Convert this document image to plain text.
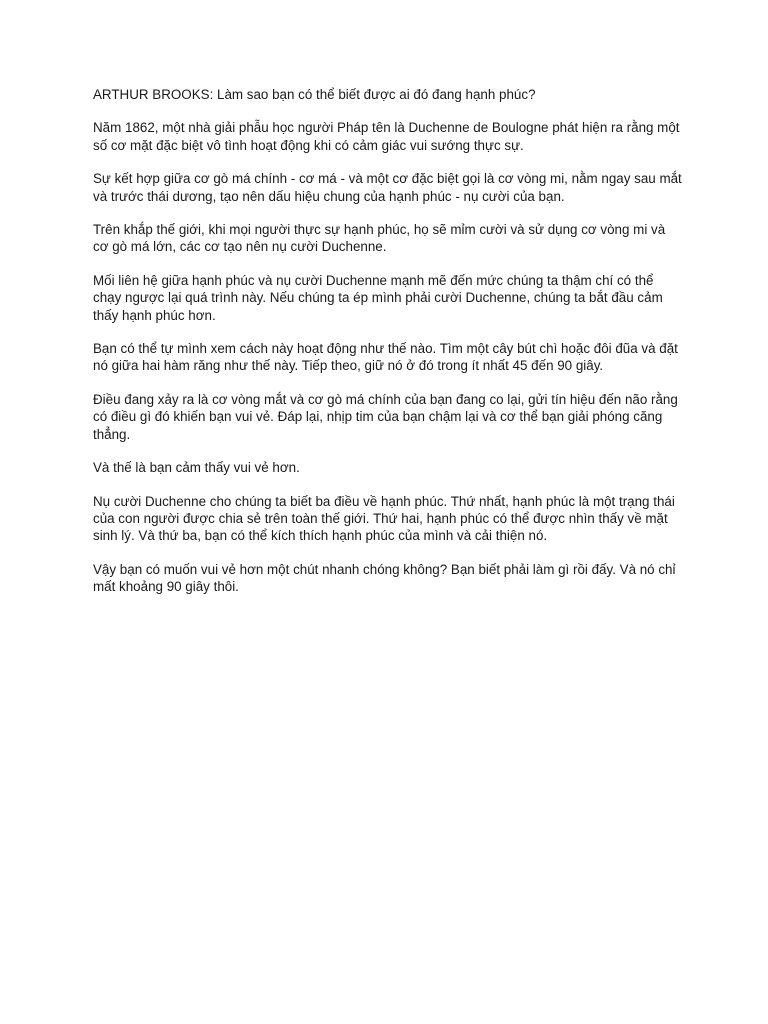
ARTHUR BROOKS: Làm sao bạn có thể biết được ai đó đang hạnh phúc?

Năm 1862, một nhà giải phẫu học người Pháp tên là Duchenne de Boulogne phát hiện ra rằng một số cơ mặt đặc biệt vô tình hoạt động khi có cảm giác vui sướng thực sự.

Sự kết hợp giữa cơ gò má chính - cơ má - và một cơ đặc biệt gọi là cơ vòng mi, nằm ngay sau mắt và trước thái dương, tạo nên dấu hiệu chung của hạnh phúc - nụ cười của bạn.

Trên khắp thế giới, khi mọi người thực sự hạnh phúc, họ sẽ mỉm cười và sử dụng cơ vòng mi và cơ gò má lớn, các cơ tạo nên nụ cười Duchenne.

Mối liên hệ giữa hạnh phúc và nụ cười Duchenne mạnh mẽ đến mức chúng ta thậm chí có thể chạy ngược lại quá trình này. Nếu chúng ta ép mình phải cười Duchenne, chúng ta bắt đầu cảm thấy hạnh phúc hơn.

Bạn có thể tự mình xem cách này hoạt động như thế nào. Tìm một cây bút chì hoặc đôi đũa và đặt nó giữa hai hàm răng như thế này. Tiếp theo, giữ nó ở đó trong ít nhất 45 đến 90 giây.

Điều đang xảy ra là cơ vòng mắt và cơ gò má chính của bạn đang co lại, gửi tín hiệu đến não rằng có điều gì đó khiến bạn vui vẻ. Đáp lại, nhịp tim của bạn chậm lại và cơ thể bạn giải phóng căng thẳng.

Và thế là bạn cảm thấy vui vẻ hơn.

Nụ cười Duchenne cho chúng ta biết ba điều về hạnh phúc. Thứ nhất, hạnh phúc là một trạng thái của con người được chia sẻ trên toàn thế giới. Thứ hai, hạnh phúc có thể được nhìn thấy về mặt sinh lý. Và thứ ba, bạn có thể kích thích hạnh phúc của mình và cải thiện nó.

Vậy bạn có muốn vui vẻ hơn một chút nhanh chóng không? Bạn biết phải làm gì rồi đấy. Và nó chỉ mất khoảng 90 giây thôi.
